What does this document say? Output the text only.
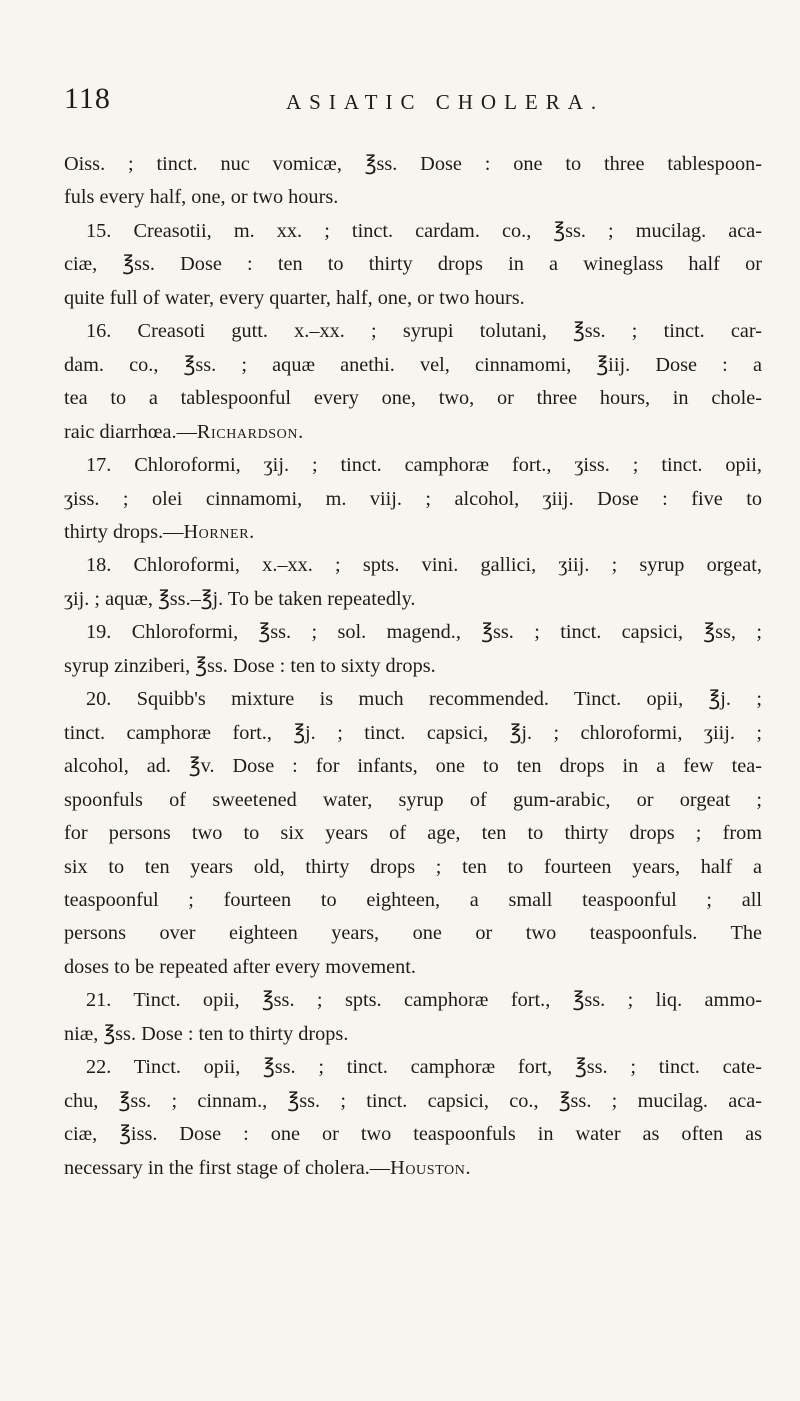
118	ASIATIC CHOLERA.
Oiss. ; tinct. nuc vomicæ, ℥ss. Dose : one to three tablespoon-
fuls every half, one, or two hours.
15. Creasotii, m. xx. ; tinct. cardam. co., ℥ss. ; mucilag. aca-
ciæ, ℥ss. Dose : ten to thirty drops in a wineglass half or
quite full of water, every quarter, half, one, or two hours.
16. Creasoti gutt. x.–xx. ; syrupi tolutani, ℥ss. ; tinct. car-
dam. co., ℥ss. ; aquæ anethi. vel, cinnamomi, ℥iij. Dose : a
tea to a tablespoonful every one, two, or three hours, in chole-
raic diarrhœa.—Richardson.
17. Chloroformi, ʒij. ; tinct. camphoræ fort., ʒiss. ; tinct. opii,
ʒiss. ; olei cinnamomi, m. viij. ; alcohol, ʒiij. Dose : five to
thirty drops.—Horner.
18. Chloroformi, x.–xx. ; spts. vini. gallici, ʒiij. ; syrup orgeat,
ʒij. ; aquæ, ℥ss.–℥j. To be taken repeatedly.
19. Chloroformi, ℥ss. ; sol. magend., ℥ss. ; tinct. capsici, ℥ss, ;
syrup zinziberi, ℥ss. Dose : ten to sixty drops.
20. Squibb's mixture is much recommended. Tinct. opii, ℥j. ;
tinct. camphoræ fort., ℥j. ; tinct. capsici, ℥j. ; chloroformi, ʒiij. ;
alcohol, ad. ℥v. Dose : for infants, one to ten drops in a few tea-
spoonfuls of sweetened water, syrup of gum-arabic, or orgeat ;
for persons two to six years of age, ten to thirty drops ; from
six to ten years old, thirty drops ; ten to fourteen years, half a
teaspoonful ; fourteen to eighteen, a small teaspoonful ; all
persons over eighteen years, one or two teaspoonfuls. The
doses to be repeated after every movement.
21. Tinct. opii, ℥ss. ; spts. camphoræ fort., ℥ss. ; liq. ammo-
niæ, ℥ss. Dose : ten to thirty drops.
22. Tinct. opii, ℥ss. ; tinct. camphoræ fort, ℥ss. ; tinct. cate-
chu, ℥ss. ; cinnam., ℥ss. ; tinct. capsici, co., ℥ss. ; mucilag. aca-
ciæ, ℥iss. Dose : one or two teaspoonfuls in water as often as
necessary in the first stage of cholera.—Houston.
